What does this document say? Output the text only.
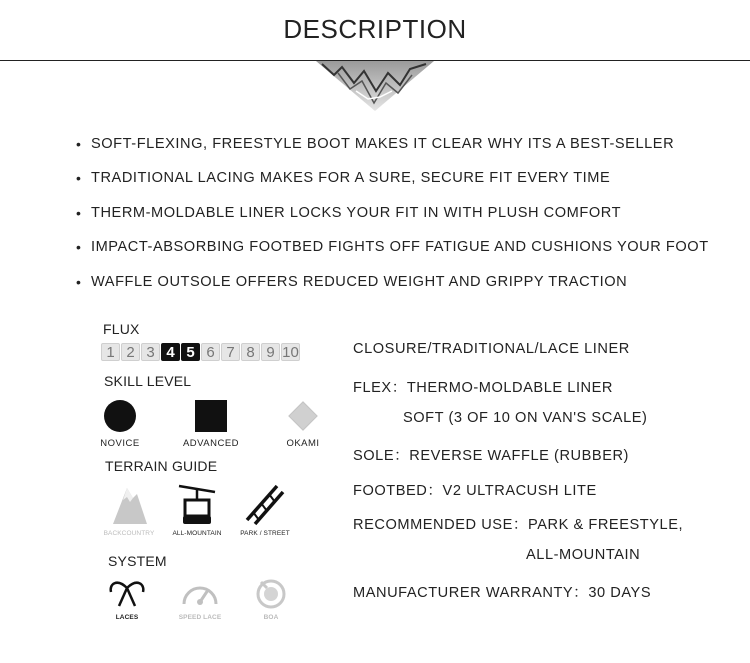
DESCRIPTION
• SOFT-FLEXING, FREESTYLE BOOT MAKES IT CLEAR WHY ITS A BEST-SELLER
• TRADITIONAL LACING MAKES FOR A SURE, SECURE FIT EVERY TIME
• THERM-MOLDABLE LINER LOCKS YOUR FIT IN WITH PLUSH COMFORT
• IMPACT-ABSORBING FOOTBED FIGHTS OFF FATIGUE AND CUSHIONS YOUR FOOT
• WAFFLE OUTSOLE OFFERS REDUCED WEIGHT AND GRIPPY TRACTION
FLUX
1 2 3 4 5 6 7 8 9 10
SKILL LEVEL
NOVICE	ADVANCED	OKAMI
TERRAIN GUIDE
BACKCOUNTRY	ALL-MOUNTAIN	PARK / STREET
SYSTEM
LACES	SPEED LACE	BOA
CLOSURE/TRADITIONAL/LACE LINER
FLEX：THERMO-MOLDABLE LINER
SOFT (3 OF 10 ON VAN'S SCALE)
SOLE：REVERSE WAFFLE (RUBBER)
FOOTBED：V2 ULTRACUSH LITE
RECOMMENDED USE：PARK & FREESTYLE,
ALL-MOUNTAIN
MANUFACTURER WARRANTY：30 DAYS
